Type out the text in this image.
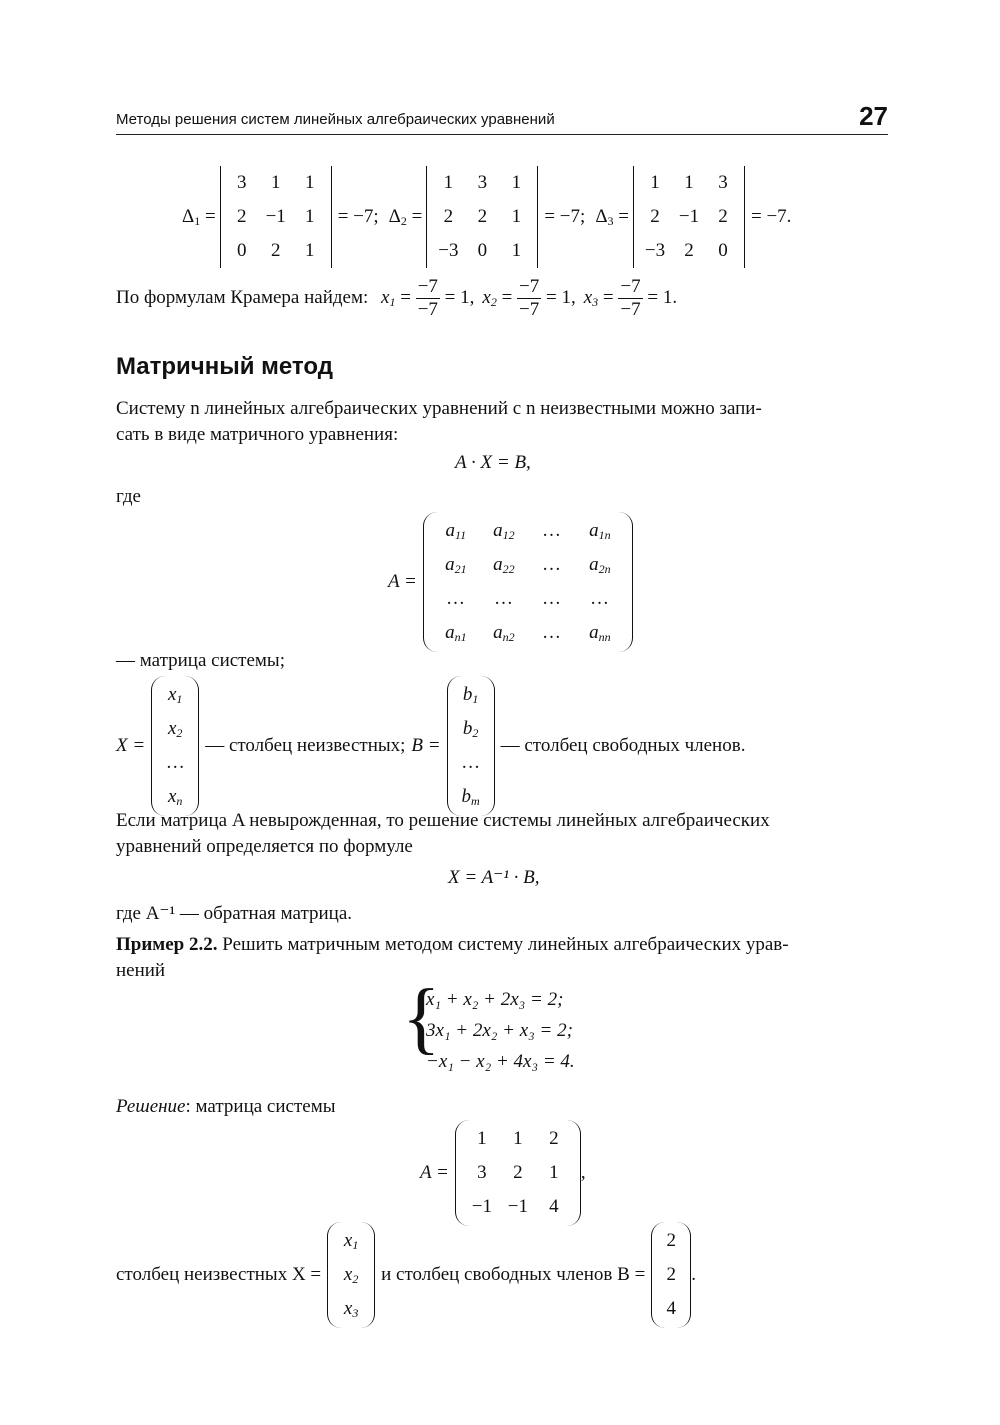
Методы решения систем линейных алгебраических уравнений	27
$\Delta_1$ =
3 1 1
2 −1 1
0 2 1
= −7; $\Delta_2$ =
1 3 1
2 2 1
−3 0 1
= −7; $\Delta_3$ =
1 1 3
2 −1 2
−3 2 0
= −7.
По формулам Крамера найдем: $x_1 = \frac{-7}{-7} = 1$, $x_2 = \frac{-7}{-7} = 1$, $x_3 = \frac{-7}{-7} = 1$.
Матричный метод
Систему n линейных алгебраических уравнений с n неизвестными можно запи-
сать в виде матричного уравнения:
A · X = B,
где
A =
$a_{11}$ $a_{12}$ … $a_{1n}$
$a_{21}$ $a_{22}$ … $a_{2n}$
… … … …
$a_{n1}$ $a_{n2}$ … $a_{nn}$
— матрица системы;
X =
$x_1$
$x_2$
…
$x_n$
— столбец неизвестных; B =
$b_1$
$b_2$
…
$b_m$
— столбец свободных членов.
Если матрица A невырожденная, то решение системы линейных алгебраических
уравнений определяется по формуле
X = A⁻¹ · B,
где A⁻¹ — обратная матрица.
Пример 2.2. Решить матричным методом систему линейных алгебраических урав-
нений
{
x₁ + x₂ + 2x₃ = 2;
3x₁ + 2x₂ + x₃ = 2;
−x₁ − x₂ + 4x₃ = 4.
Решение: матрица системы
A =
1 1 2
3 2 1
−1 −1 4
,
столбец неизвестных X =
$x_1$
$x_2$
$x_3$
и столбец свободных членов B =
2
2
4
.
